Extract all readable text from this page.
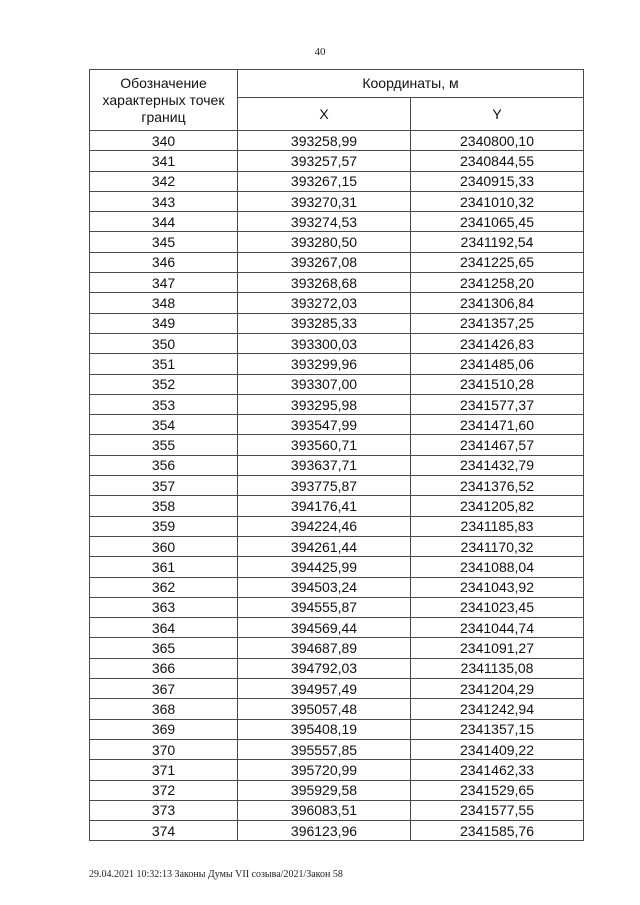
40
Обозначение характерных точек границ	Координаты, м	
	X	Y
340	393258,99	2340800,10
341	393257,57	2340844,55
342	393267,15	2340915,33
343	393270,31	2341010,32
344	393274,53	2341065,45
345	393280,50	2341192,54
346	393267,08	2341225,65
347	393268,68	2341258,20
348	393272,03	2341306,84
349	393285,33	2341357,25
350	393300,03	2341426,83
351	393299,96	2341485,06
352	393307,00	2341510,28
353	393295,98	2341577,37
354	393547,99	2341471,60
355	393560,71	2341467,57
356	393637,71	2341432,79
357	393775,87	2341376,52
358	394176,41	2341205,82
359	394224,46	2341185,83
360	394261,44	2341170,32
361	394425,99	2341088,04
362	394503,24	2341043,92
363	394555,87	2341023,45
364	394569,44	2341044,74
365	394687,89	2341091,27
366	394792,03	2341135,08
367	394957,49	2341204,29
368	395057,48	2341242,94
369	395408,19	2341357,15
370	395557,85	2341409,22
371	395720,99	2341462,33
372	395929,58	2341529,65
373	396083,51	2341577,55
374	396123,96	2341585,76
29.04.2021 10:32:13 Законы Думы VII созыва/2021/Закон 58
